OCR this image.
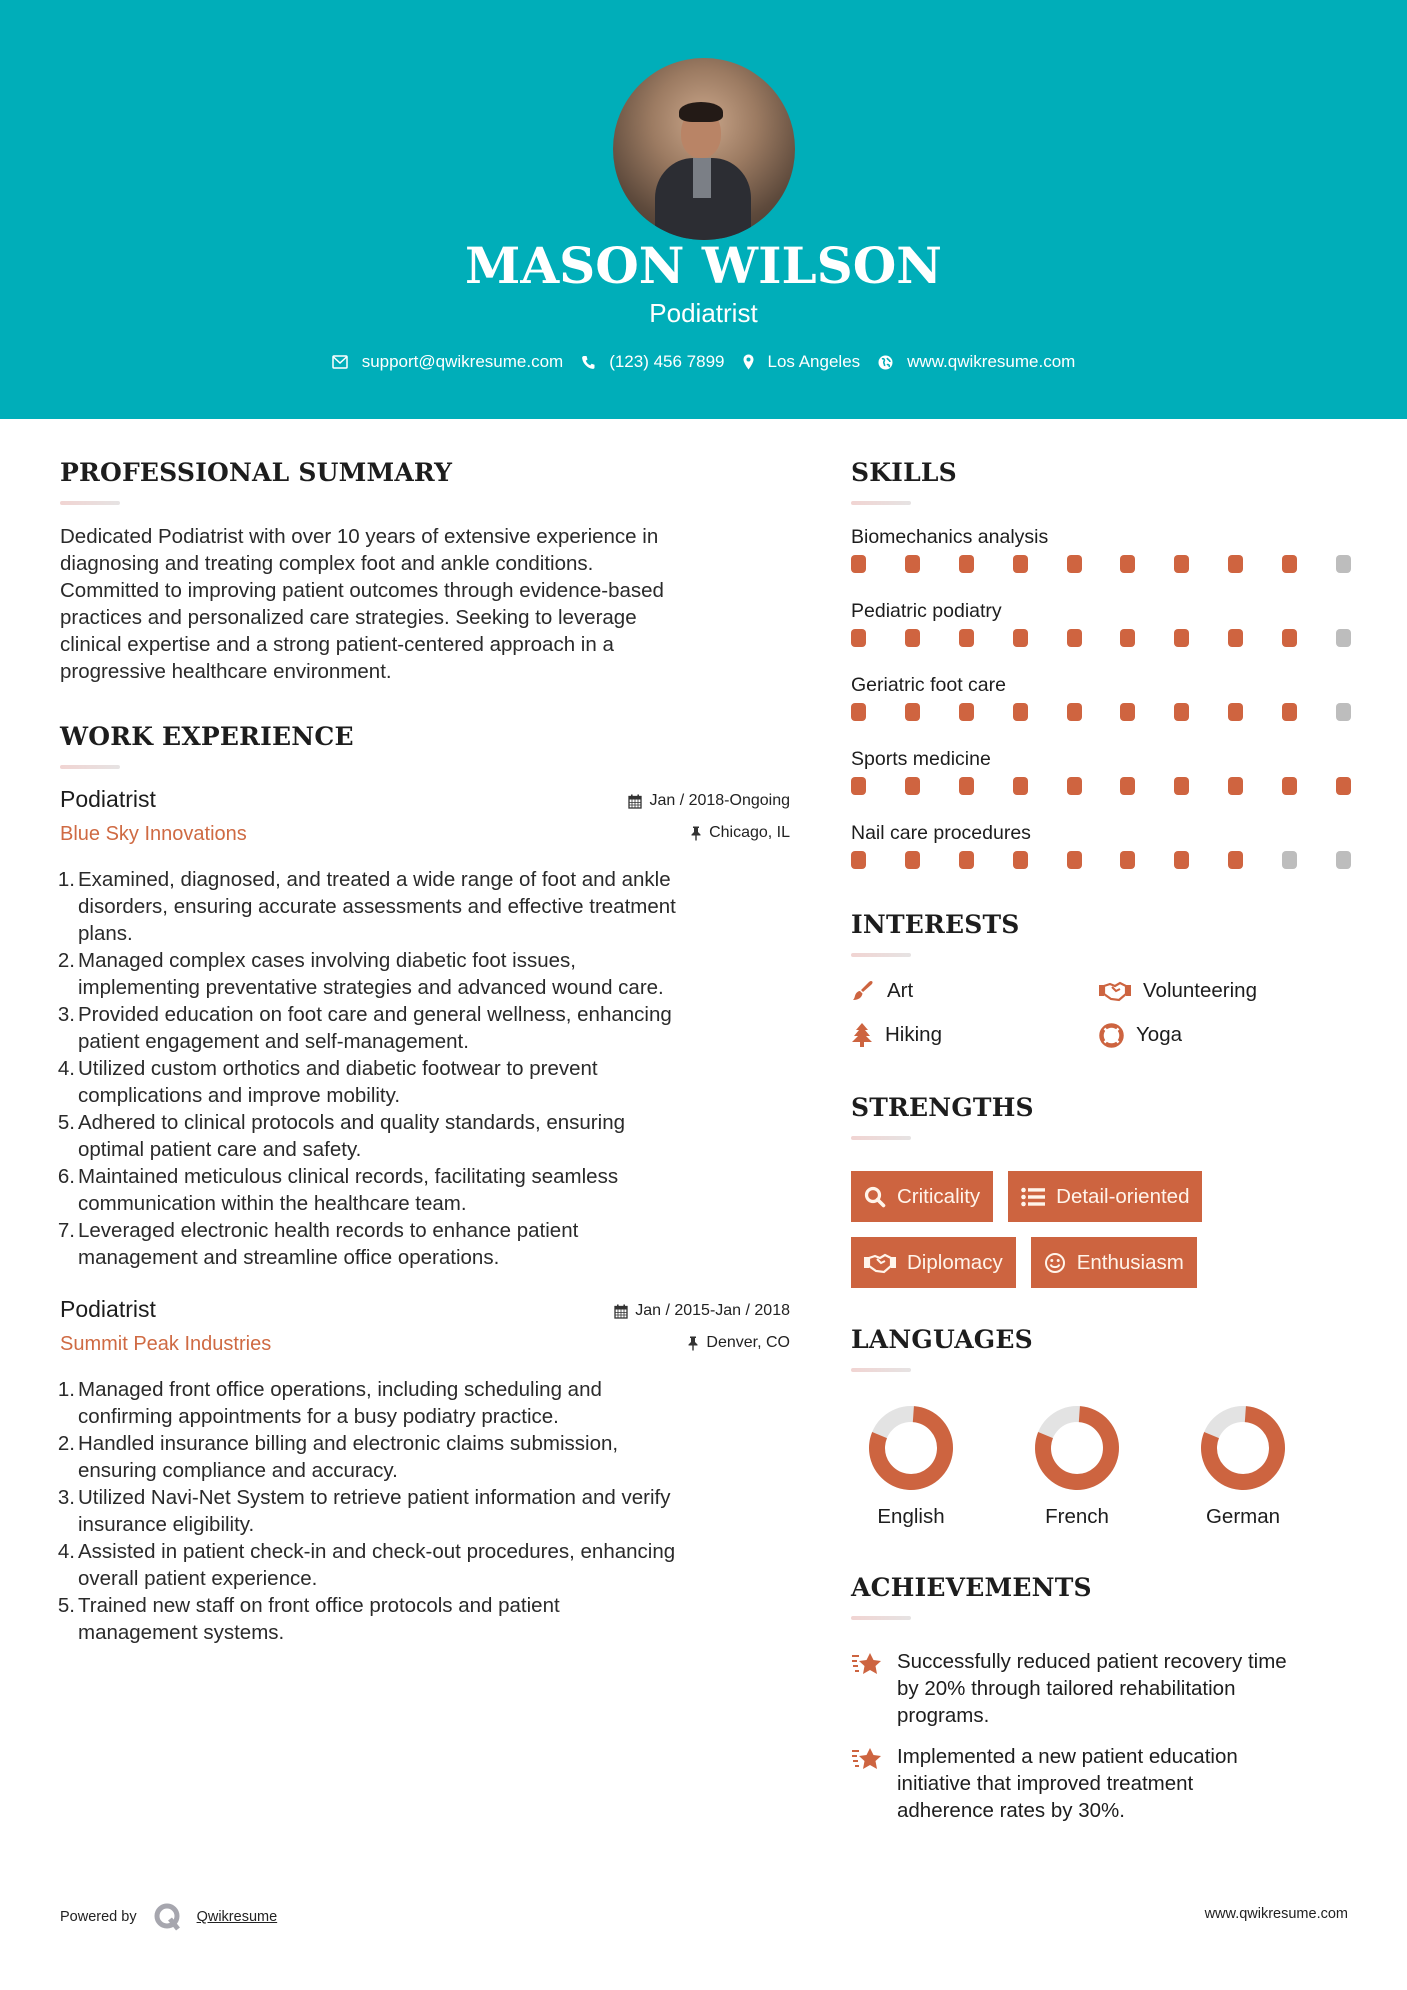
MASON WILSON
Podiatrist
support@qwikresume.com	(123) 456 7899	Los Angeles	www.qwikresume.com
PROFESSIONAL SUMMARY
Dedicated Podiatrist with over 10 years of extensive experience in
diagnosing and treating complex foot and ankle conditions.
Committed to improving patient outcomes through evidence-based
practices and personalized care strategies. Seeking to leverage
clinical expertise and a strong patient-centered approach in a
progressive healthcare environment.
WORK EXPERIENCE
Podiatrist
Blue Sky Innovations
Jan / 2018-Ongoing
Chicago, IL
1. Examined, diagnosed, and treated a wide range of foot and ankle
disorders, ensuring accurate assessments and effective treatment
plans.
2. Managed complex cases involving diabetic foot issues,
implementing preventative strategies and advanced wound care.
3. Provided education on foot care and general wellness, enhancing
patient engagement and self-management.
4. Utilized custom orthotics and diabetic footwear to prevent
complications and improve mobility.
5. Adhered to clinical protocols and quality standards, ensuring
optimal patient care and safety.
6. Maintained meticulous clinical records, facilitating seamless
communication within the healthcare team.
7. Leveraged electronic health records to enhance patient
management and streamline office operations.
Podiatrist
Summit Peak Industries
Jan / 2015-Jan / 2018
Denver, CO
1. Managed front office operations, including scheduling and
confirming appointments for a busy podiatry practice.
2. Handled insurance billing and electronic claims submission,
ensuring compliance and accuracy.
3. Utilized Navi-Net System to retrieve patient information and verify
insurance eligibility.
4. Assisted in patient check-in and check-out procedures, enhancing
overall patient experience.
5. Trained new staff on front office protocols and patient
management systems.
SKILLS
Biomechanics analysis
Pediatric podiatry
Geriatric foot care
Sports medicine
Nail care procedures
INTERESTS
Art	Volunteering
Hiking	Yoga
STRENGTHS
Criticality	Detail-oriented
Diplomacy	Enthusiasm
LANGUAGES
English	French	German
ACHIEVEMENTS
Successfully reduced patient recovery time
by 20% through tailored rehabilitation
programs.
Implemented a new patient education
initiative that improved treatment
adherence rates by 30%.
Powered by	Qwikresume	www.qwikresume.com
